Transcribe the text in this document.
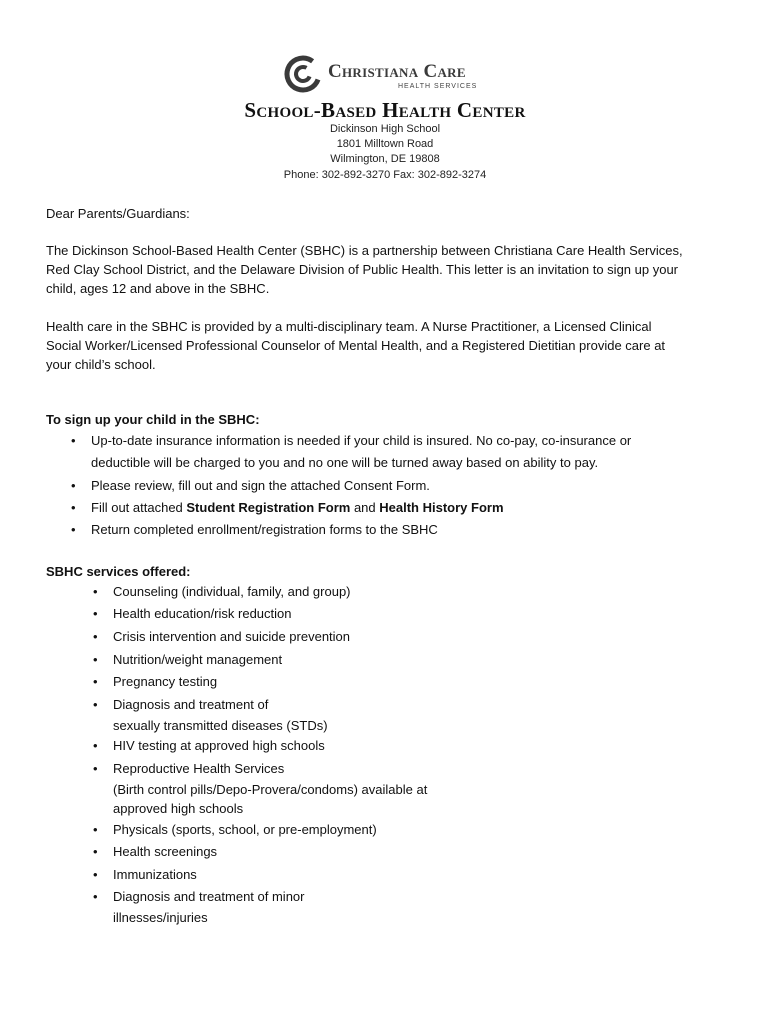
Christiana Care
HEALTH SERVICES
School-Based Health Center
Dickinson High School
1801 Milltown Road
Wilmington, DE 19808
Phone: 302-892-3270 Fax: 302-892-3274
Dear Parents/Guardians:
The Dickinson School-Based Health Center (SBHC) is a partnership between Christiana Care Health Services,
Red Clay School District, and the Delaware Division of Public Health. This letter is an invitation to sign up your
child, ages 12 and above in the SBHC.
Health care in the SBHC is provided by a multi-disciplinary team. A Nurse Practitioner, a Licensed Clinical
Social Worker/Licensed Professional Counselor of Mental Health, and a Registered Dietitian provide care at
your child’s school.
To sign up your child in the SBHC:
• Up-to-date insurance information is needed if your child is insured. No co-pay, co-insurance or
deductible will be charged to you and no one will be turned away based on ability to pay.
• Please review, fill out and sign the attached Consent Form.
• Fill out attached Student Registration Form and Health History Form
• Return completed enrollment/registration forms to the SBHC
SBHC services offered:
• Counseling (individual, family, and group)
• Health education/risk reduction
• Crisis intervention and suicide prevention
• Nutrition/weight management
• Pregnancy testing
• Diagnosis and treatment of
sexually transmitted diseases (STDs)
• HIV testing at approved high schools
• Reproductive Health Services
(Birth control pills/Depo-Provera/condoms) available at
approved high schools
• Physicals (sports, school, or pre-employment)
• Health screenings
• Immunizations
• Diagnosis and treatment of minor
illnesses/injuries
